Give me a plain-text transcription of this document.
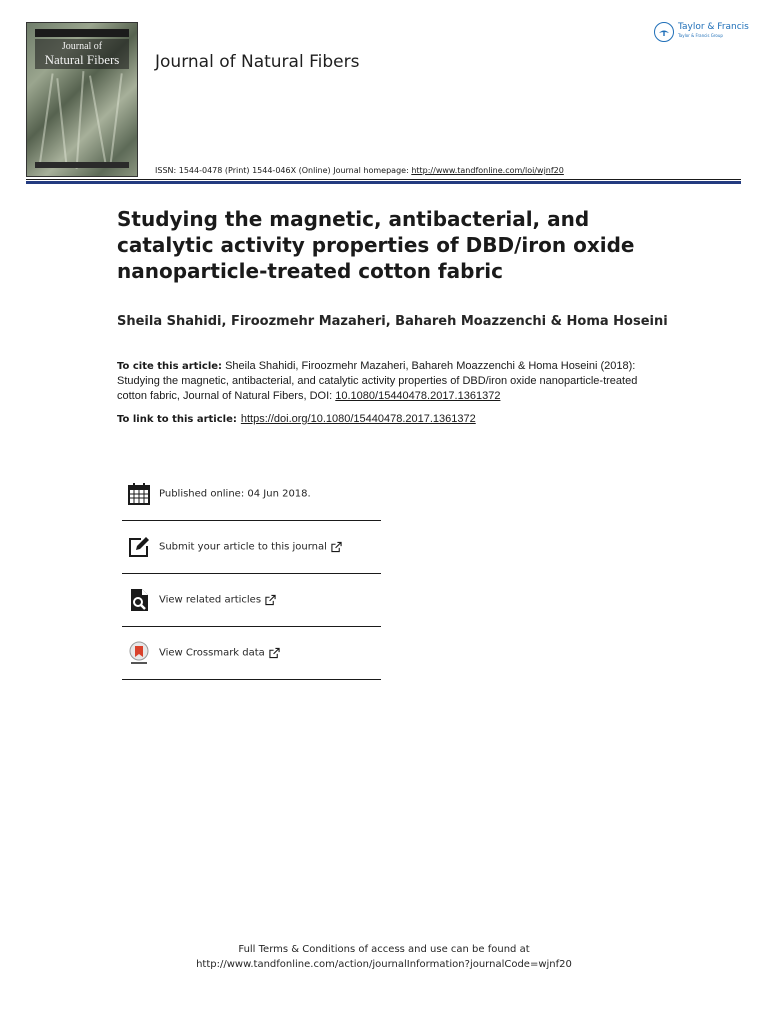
Journal of
Natural Fibers	Journal of Natural Fibers
Taylor & Francis
Taylor & Francis Group
ISSN: 1544-0478 (Print) 1544-046X (Online) Journal homepage: http://www.tandfonline.com/loi/wjnf20
Studying the magnetic, antibacterial, and catalytic activity properties of DBD/iron oxide nanoparticle-treated cotton fabric
Sheila Shahidi, Firoozmehr Mazaheri, Bahareh Moazzenchi & Homa Hoseini
To cite this article: Sheila Shahidi, Firoozmehr Mazaheri, Bahareh Moazzenchi & Homa Hoseini (2018): Studying the magnetic, antibacterial, and catalytic activity properties of DBD/iron oxide nanoparticle-treated cotton fabric, Journal of Natural Fibers, DOI: 10.1080/15440478.2017.1361372
To link to this article: https://doi.org/10.1080/15440478.2017.1361372
Published online: 04 Jun 2018.
Submit your article to this journal
View related articles
View Crossmark data
Full Terms & Conditions of access and use can be found at
http://www.tandfonline.com/action/journalInformation?journalCode=wjnf20
